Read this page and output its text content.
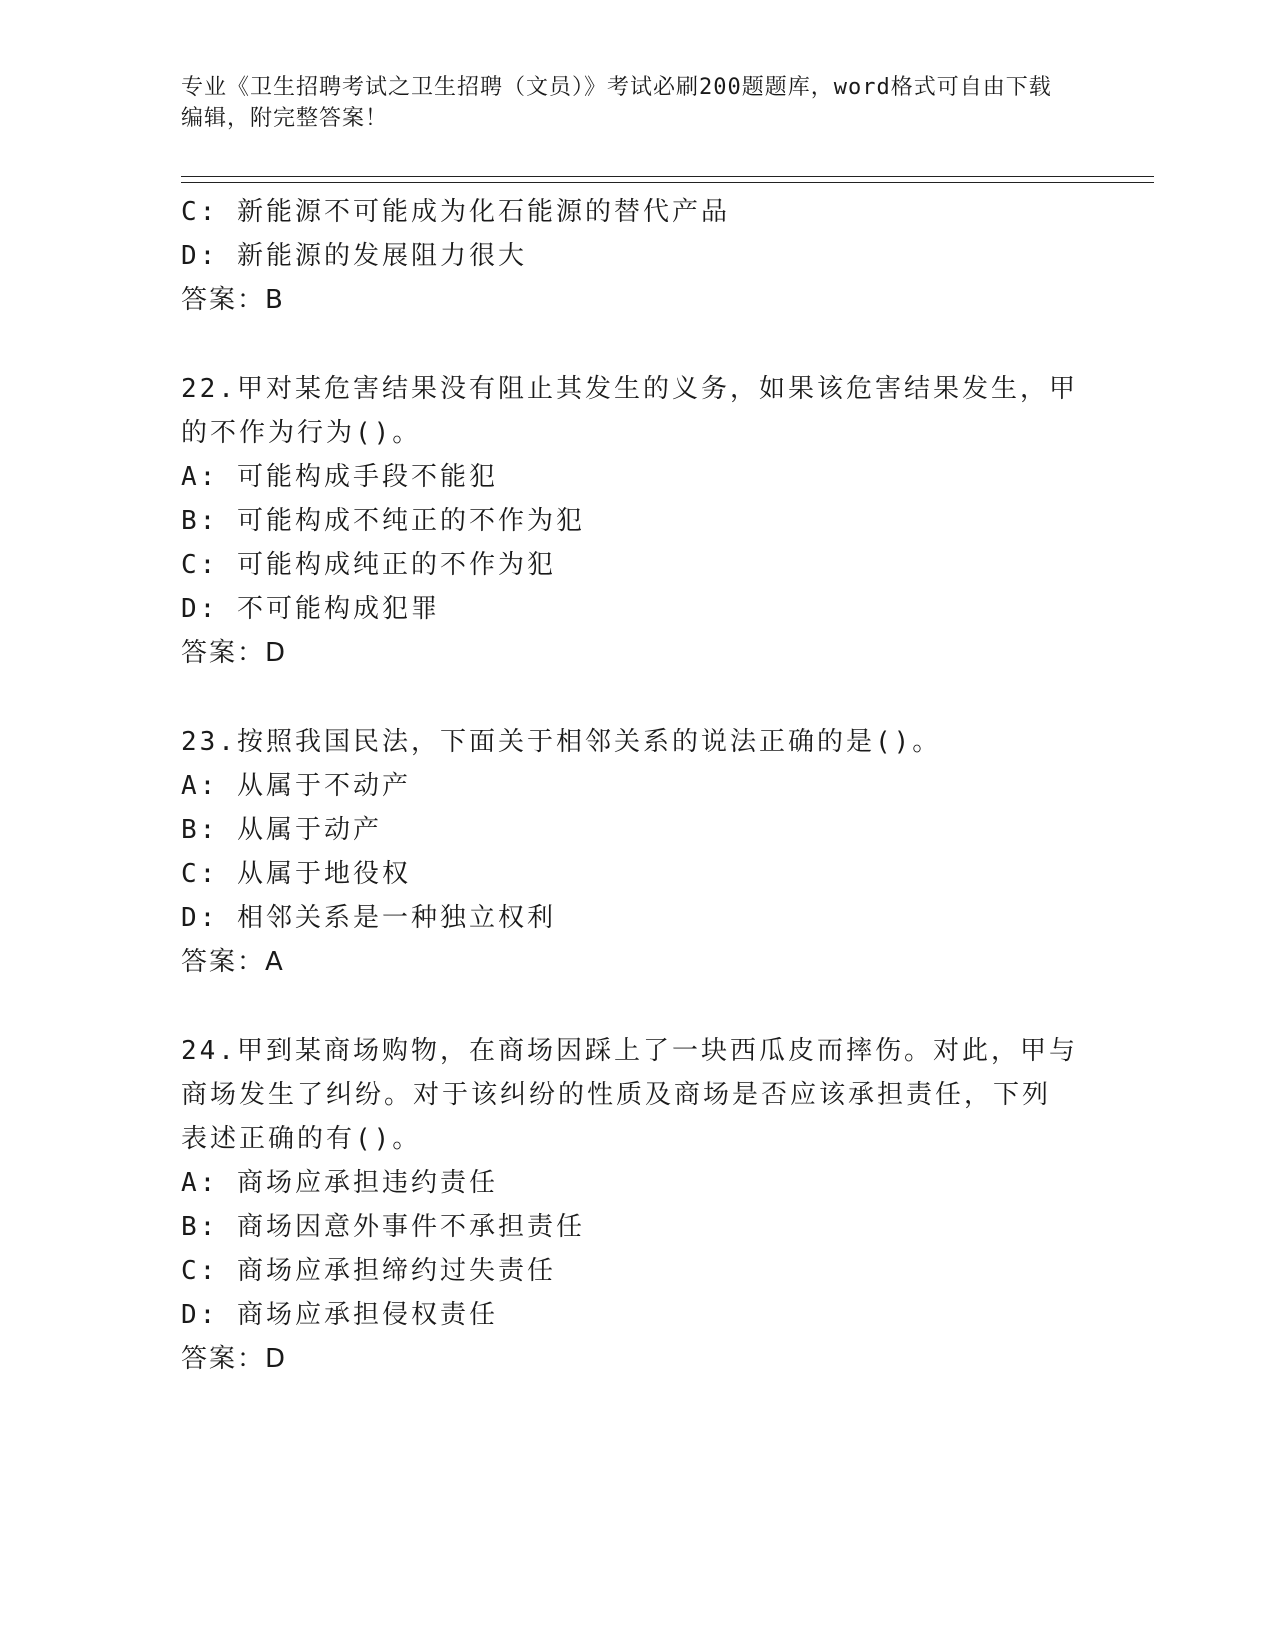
专业《卫生招聘考试之卫生招聘（文员）》考试必刷200题题库，word格式可自由下载编辑，附完整答案！
C: 新能源不可能成为化石能源的替代产品
D: 新能源的发展阻力很大
答案：B
22.甲对某危害结果没有阻止其发生的义务，如果该危害结果发生，甲
的不作为行为()。
A: 可能构成手段不能犯
B: 可能构成不纯正的不作为犯
C: 可能构成纯正的不作为犯
D: 不可能构成犯罪
答案：D
23.按照我国民法，下面关于相邻关系的说法正确的是()。
A: 从属于不动产
B: 从属于动产
C: 从属于地役权
D: 相邻关系是一种独立权利
答案：A
24.甲到某商场购物，在商场因踩上了一块西瓜皮而摔伤。对此，甲与
商场发生了纠纷。对于该纠纷的性质及商场是否应该承担责任，下列
表述正确的有()。
A: 商场应承担违约责任
B: 商场因意外事件不承担责任
C: 商场应承担缔约过失责任
D: 商场应承担侵权责任
答案：D
